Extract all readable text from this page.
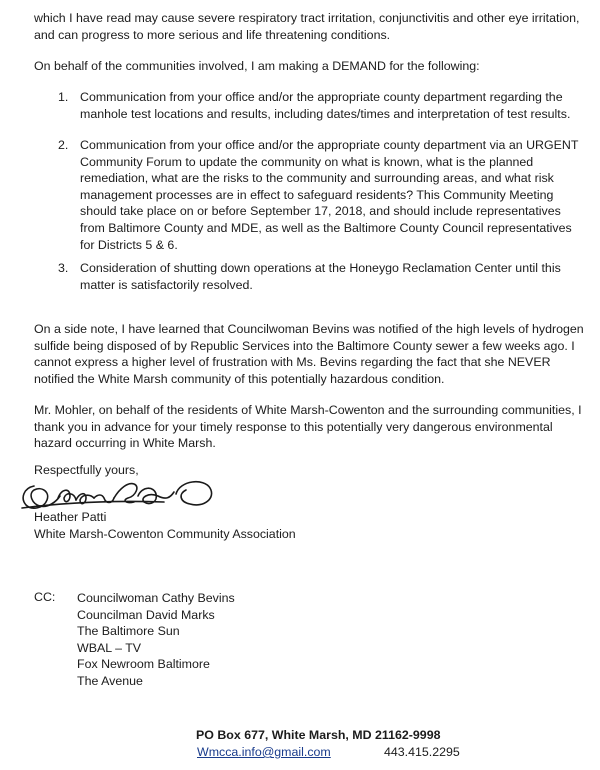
which I have read may cause severe respiratory tract irritation, conjunctivitis and other eye irritation, and can progress to more serious and life threatening conditions.

On behalf of the communities involved, I am making a DEMAND for the following:

1. Communication from your office and/or the appropriate county department regarding the manhole test locations and results, including dates/times and interpretation of test results.
2. Communication from your office and/or the appropriate county department via an URGENT Community Forum to update the community on what is known, what is the planned remediation, what are the risks to the community and surrounding areas, and what risk management processes are in effect to safeguard residents? This Community Meeting should take place on or before September 17, 2018, and should include representatives from Baltimore County and MDE, as well as the Baltimore County Council representatives for Districts 5 & 6.
3. Consideration of shutting down operations at the Honeygo Reclamation Center until this matter is satisfactorily resolved.

On a side note, I have learned that Councilwoman Bevins was notified of the high levels of hydrogen sulfide being disposed of by Republic Services into the Baltimore County sewer a few weeks ago. I cannot express a higher level of frustration with Ms. Bevins regarding the fact that she NEVER notified the White Marsh community of this potentially hazardous condition.

Mr. Mohler, on behalf of the residents of White Marsh-Cowenton and the surrounding communities, I thank you in advance for your timely response to this potentially very dangerous environmental hazard occurring in White Marsh.

Respectfully yours,

Heather Patti

White Marsh-Cowenton Community Association

CC: Councilwoman Cathy Bevins
Councilman David Marks
The Baltimore Sun
WBAL – TV
Fox Newroom Baltimore
The Avenue
PO Box 677, White Marsh, MD 21162-9998
Wmcca.info@gmail.com	443.415.2295
